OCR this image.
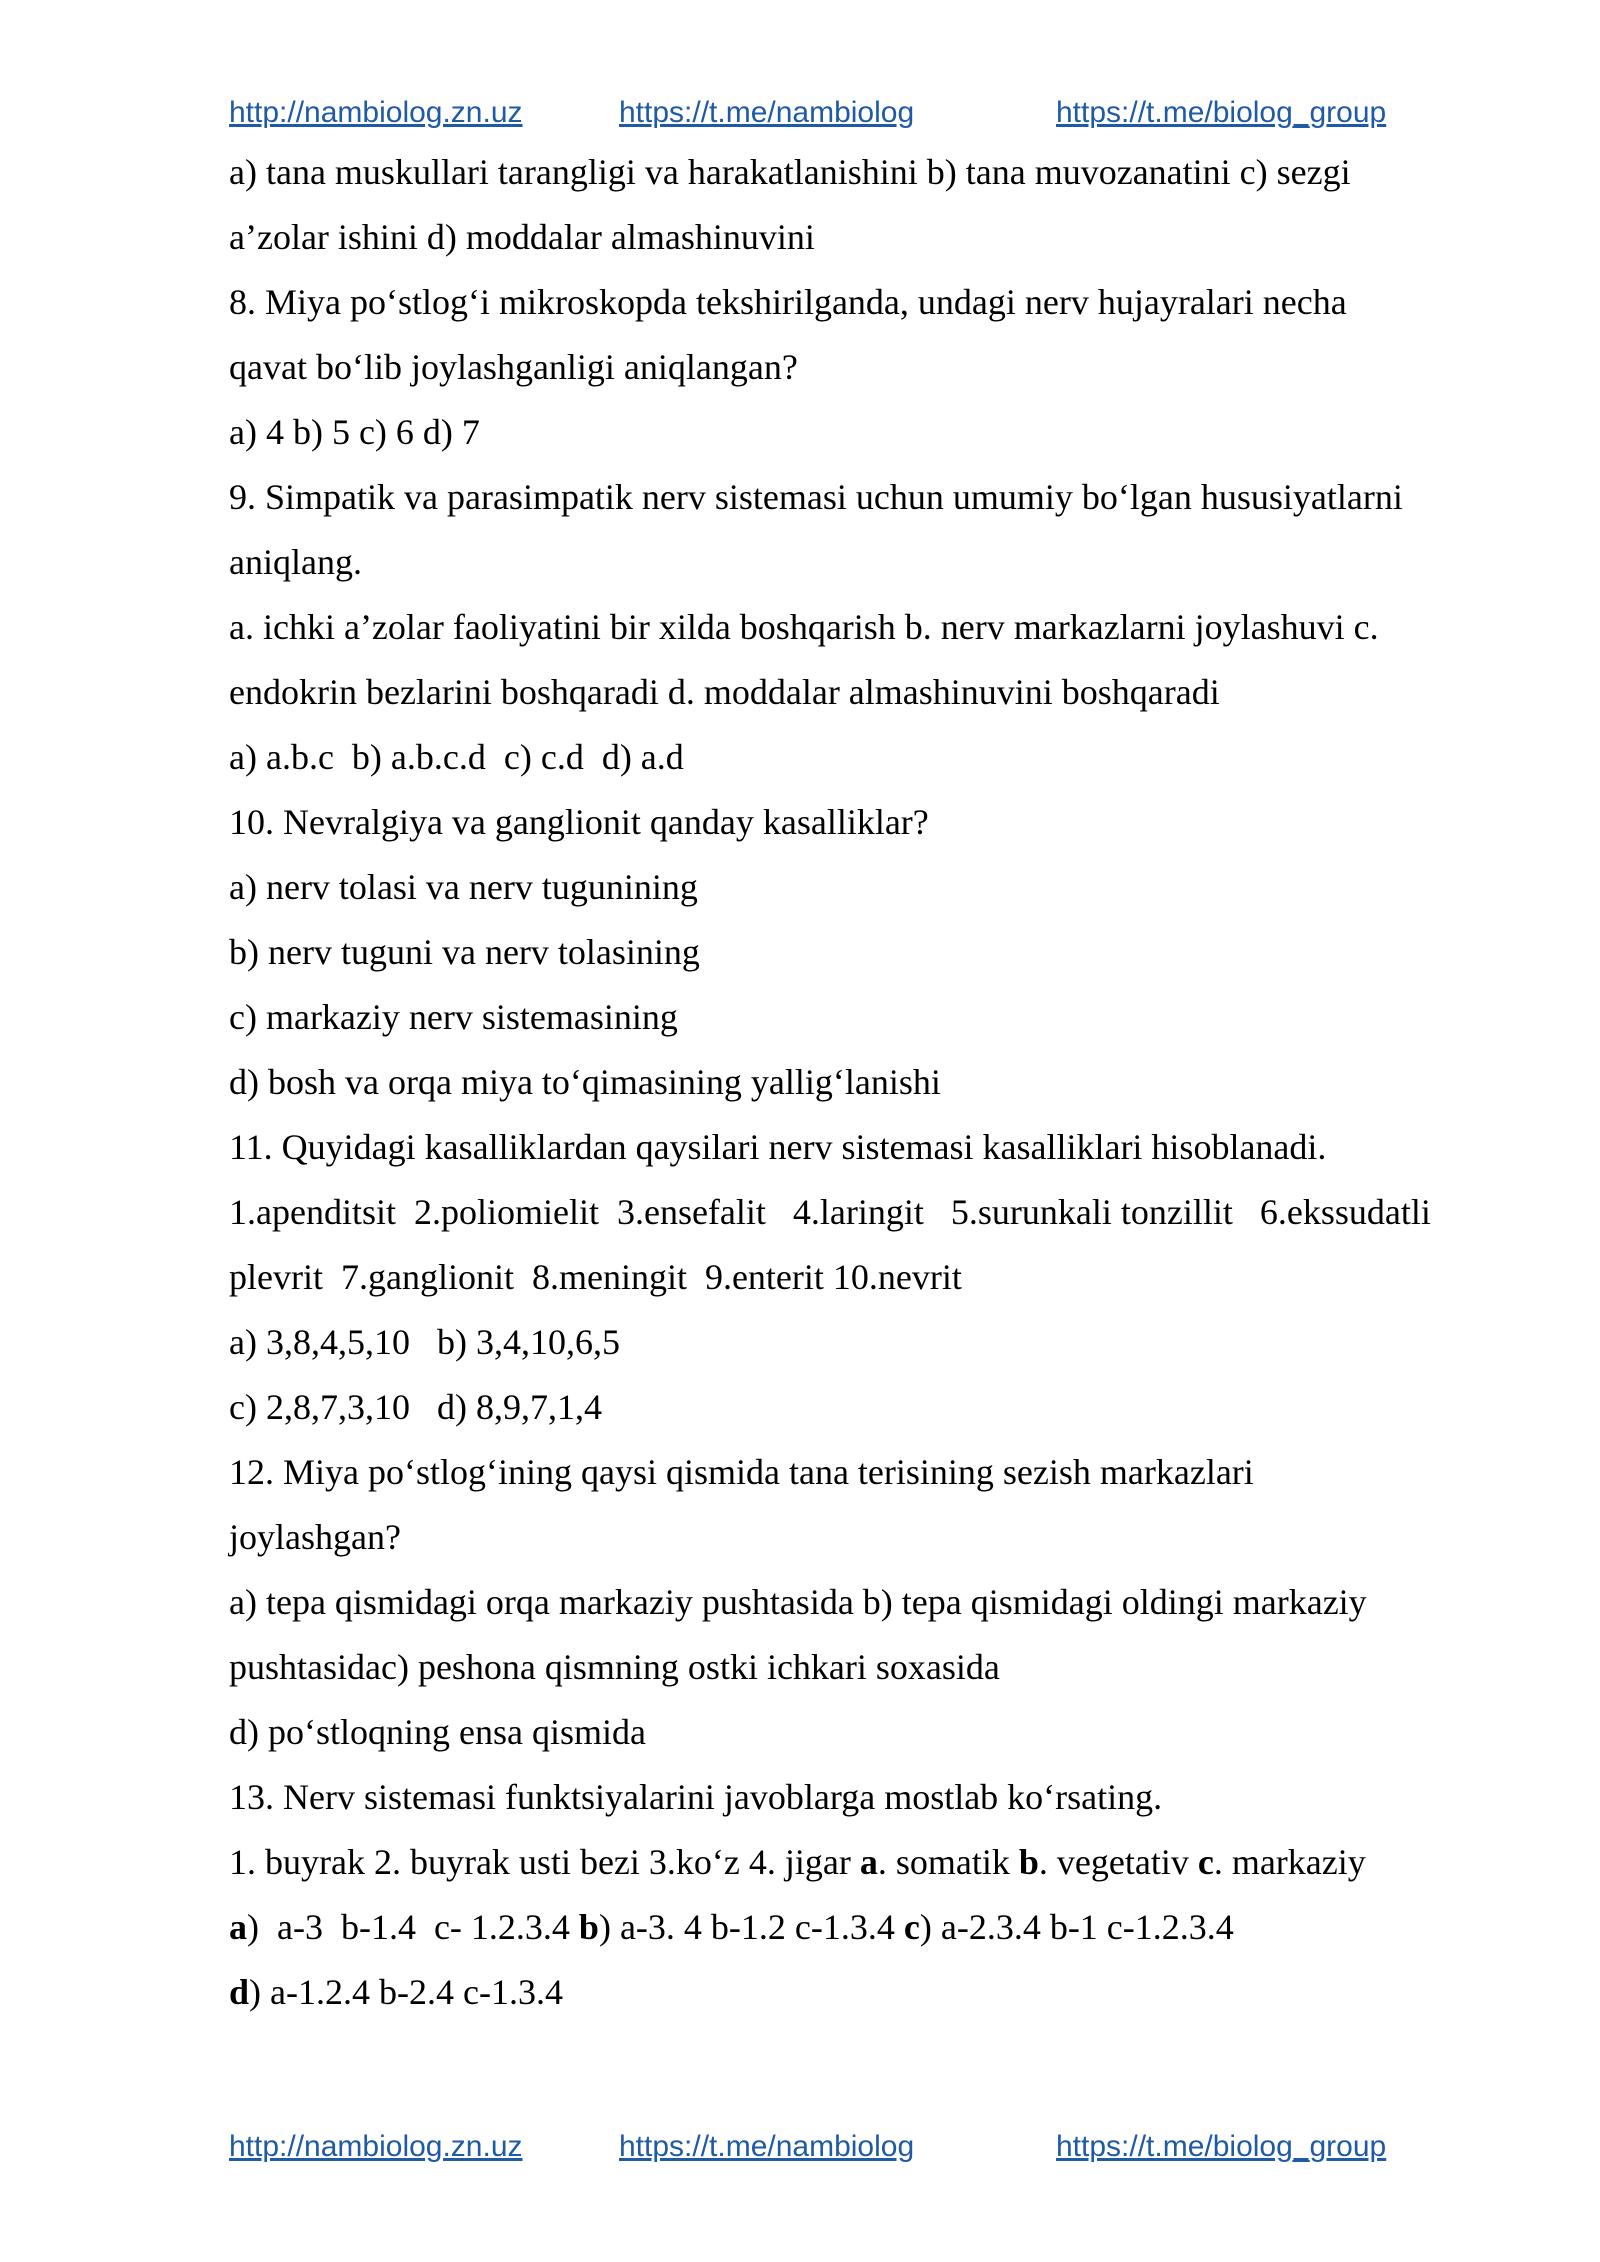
http://nambiolog.zn.uz	https://t.me/nambiolog	https://t.me/biolog_group
a) tana muskullari tarangligi va harakatlanishini b) tana muvozanatini c) sezgi
a’zolar ishini d) moddalar almashinuvini
8. Miya po‘stlog‘i mikroskopda tekshirilganda, undagi nerv hujayralari necha
qavat bo‘lib joylashganligi aniqlangan?
a) 4 b) 5 c) 6 d) 7
9. Simpatik va parasimpatik nerv sistemasi uchun umumiy bo‘lgan hususiyatlarni
aniqlang.
a. ichki a’zolar faoliyatini bir xilda boshqarish b. nerv markazlarni joylashuvi c.
endokrin bezlarini boshqaradi d. moddalar almashinuvini boshqaradi
a) a.b.c  b) a.b.c.d  c) c.d  d) a.d
10. Nevralgiya va ganglionit qanday kasalliklar?
a) nerv tolasi va nerv tugunining
b) nerv tuguni va nerv tolasining
c) markaziy nerv sistemasining
d) bosh va orqa miya to‘qimasining yallig‘lanishi
11. Quyidagi kasalliklardan qaysilari nerv sistemasi kasalliklari hisoblanadi.
1.apenditsit  2.poliomielit  3.ensefalit   4.laringit   5.surunkali tonzillit   6.ekssudatli
plevrit  7.ganglionit  8.meningit  9.enterit 10.nevrit
a) 3,8,4,5,10   b) 3,4,10,6,5
c) 2,8,7,3,10   d) 8,9,7,1,4
12. Miya po‘stlog‘ining qaysi qismida tana terisining sezish markazlari
joylashgan?
a) tepa qismidagi orqa markaziy pushtasida b) tepa qismidagi oldingi markaziy
pushtasidac) peshona qismning ostki ichkari soxasida
d) po‘stloqning ensa qismida
13. Nerv sistemasi funktsiyalarini javoblarga mostlab ko‘rsating.
1. buyrak 2. buyrak usti bezi 3.ko‘z 4. jigar a. somatik b. vegetativ c. markaziy
a)  a-3  b-1.4  c- 1.2.3.4 b) a-3. 4 b-1.2 c-1.3.4 c) a-2.3.4 b-1 c-1.2.3.4
d) a-1.2.4 b-2.4 c-1.3.4
http://nambiolog.zn.uz	https://t.me/nambiolog	https://t.me/biolog_group
